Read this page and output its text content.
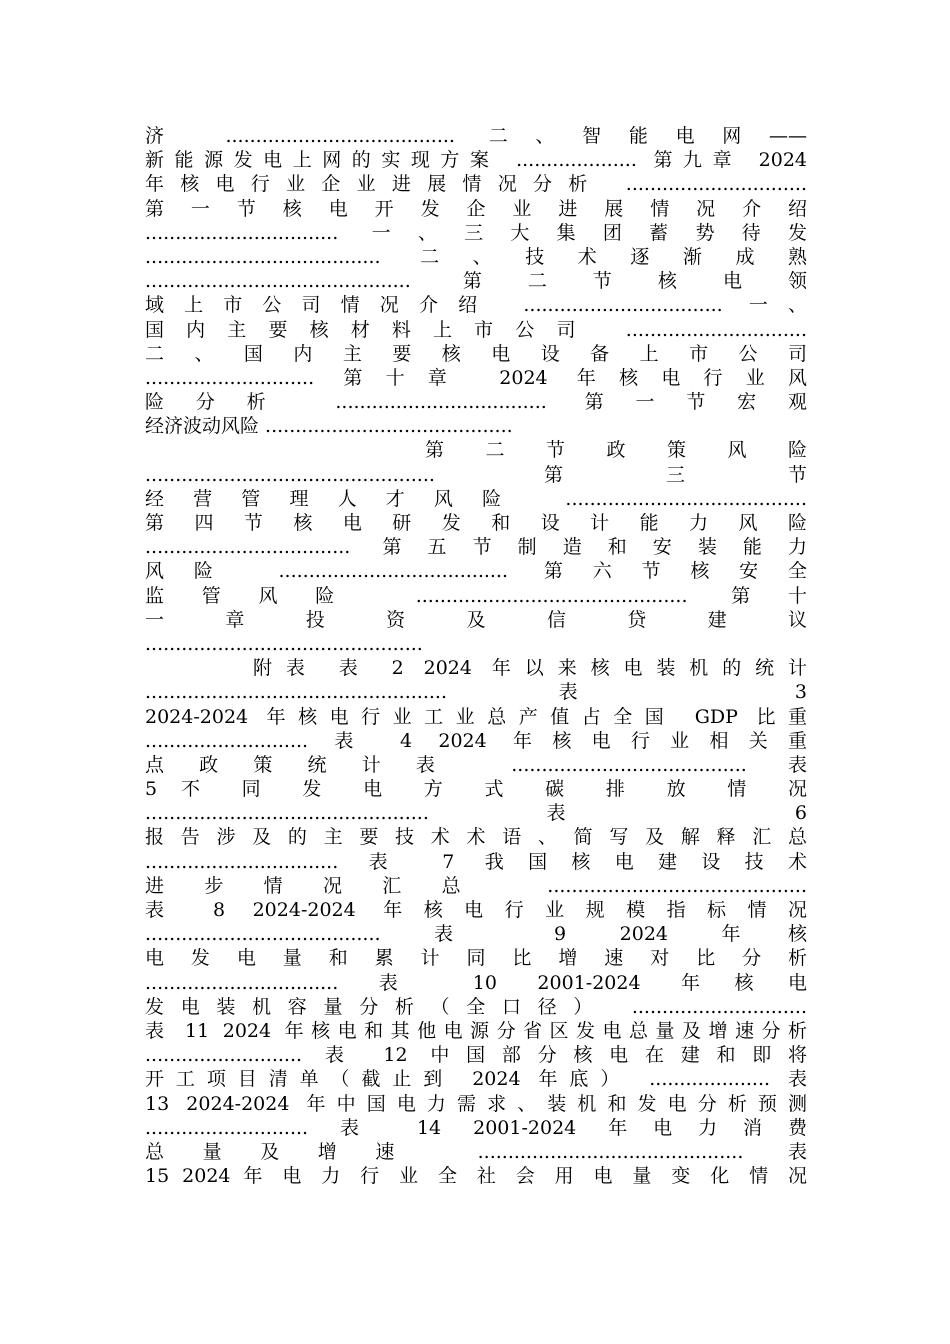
济 ...................................... 二、智能电网——
新能源发电上网的实现方案 .................... 第九章 2024
年核电行业企业进展情况分析 ..............................
第 一 节 核 电 开 发 企 业 进 展 情 况 介 绍
................................ 一、三大集团蓄势待发
....................................... 二、技术逐渐成熟
............................................ 第二节核电领
域上市公司情况介绍 ................................. 一、
国内主要核材料上市公司 ..............................
二 、 国 内 主 要 核 电 设 备 上 市 公 司
............................ 第十章 2024 年核电行业风
险分析 ................................... 第一节宏观
经济波动风险 .........................................
第 二 节 政 策 风 险
................................................ 第三节
经营管理人才风险 ........................................
第 四 节 核 电 研 发 和 设 计 能 力 风 险
.................................. 第五节制造和安装能力
风险 ...................................... 第六节核安全
监管风险 ............................................. 第十
一 章 投 资 及 信 贷 建 议
..............................................
附表 表 2 2024 年以来核电装机的统计
.................................................. 表 3
2024-2024 年核电行业工业总产值占全国 GDP 比重
........................... 表 4 2024 年核电行业相关重
点政策统计表 ....................................... 表
5 不 同 发 电 方 式 碳 排 放 情 况
............................................... 表 6
报告涉及的主要技术术语、简写及解释汇总
................................ 表 7 我国核电建设技术
进步情况汇总 ...........................................
表 8 2024-2024 年核电行业规模指标情况
....................................... 表 9 2024 年核
电 发 电 量 和 累 计 同 比 增 速 对 比 分 析
................................ 表 10 2001-2024 年核电
发电装机容量分析（全口径） .............................
表 11 2024 年核电和其他电源分省区发电总量及增速分析
.......................... 表 12 中国部分核电在建和即将
开工项目清单（截止到 2024 年底） .................... 表
13 2024-2024 年中国电力需求、装机和发电分析预测
........................... 表 14 2001-2024 年电力消费
总量及增速 ............................................ 表
15 2024 年 电 力 行 业 全 社 会 用 电 量 变 化 情 况
